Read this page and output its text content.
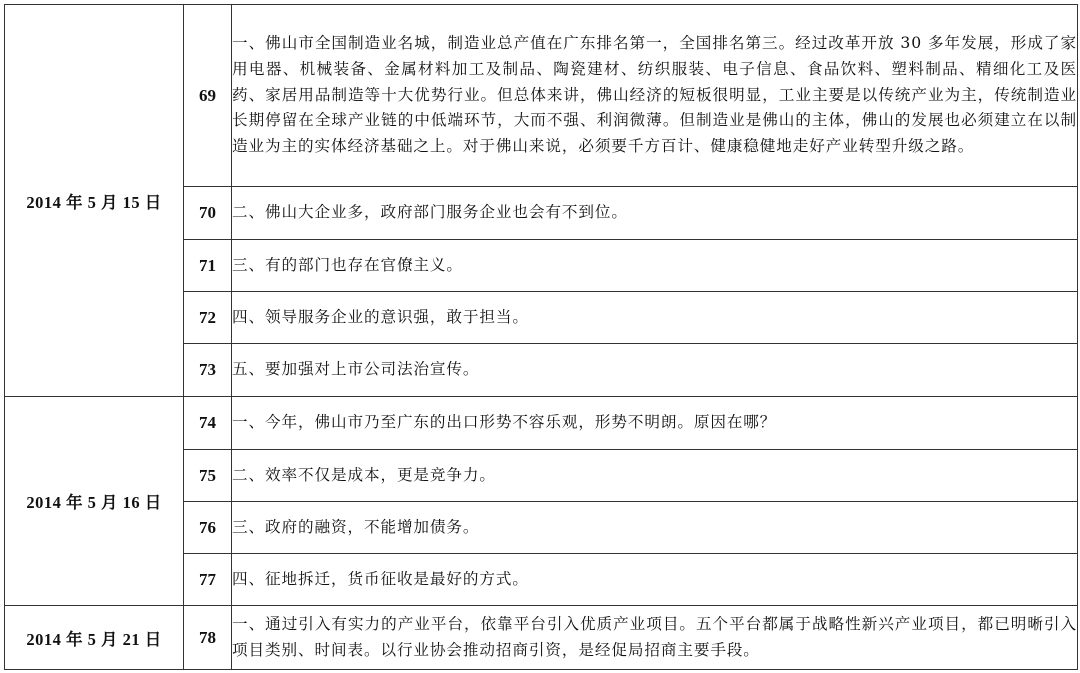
2014 年 5 月 15 日	69	一、佛山市全国制造业名城，制造业总产值在广东排名第一，全国排名第三。经过改革开放 30 多年发展，形成了家用电器、机械装备、金属材料加工及制品、陶瓷建材、纺织服装、电子信息、食品饮料、塑料制品、精细化工及医药、家居用品制造等十大优势行业。但总体来讲，佛山经济的短板很明显，工业主要是以传统产业为主，传统制造业长期停留在全球产业链的中低端环节，大而不强、利润微薄。但制造业是佛山的主体，佛山的发展也必须建立在以制造业为主的实体经济基础之上。对于佛山来说，必须要千方百计、健康稳健地走好产业转型升级之路。
	70	二、佛山大企业多，政府部门服务企业也会有不到位。
	71	三、有的部门也存在官僚主义。
	72	四、领导服务企业的意识强，敢于担当。
	73	五、要加强对上市公司法治宣传。
2014 年 5 月 16 日	74	一、今年，佛山市乃至广东的出口形势不容乐观，形势不明朗。原因在哪？
	75	二、效率不仅是成本，更是竞争力。
	76	三、政府的融资，不能增加债务。
	77	四、征地拆迁，货币征收是最好的方式。
2014 年 5 月 21 日	78	一、通过引入有实力的产业平台，依靠平台引入优质产业项目。五个平台都属于战略性新兴产业项目，都已明晰引入项目类别、时间表。以行业协会推动招商引资，是经促局招商主要手段。
